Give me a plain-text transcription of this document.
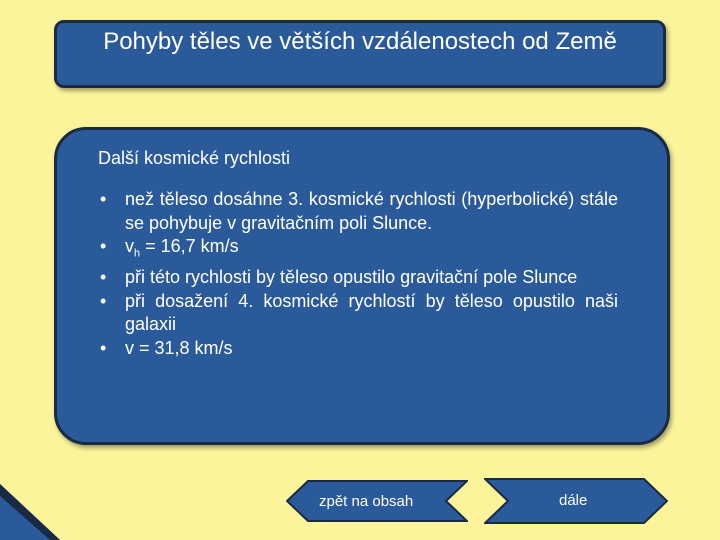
Pohyby těles ve větších vzdálenostech od Země
Další kosmické rychlosti
• než těleso dosáhne 3. kosmické rychlosti (hyperbolické) stále se pohybuje v gravitačním poli Slunce.
• $v_h = 16,7$ km/s
• při této rychlosti by těleso opustilo gravitační pole Slunce
• při dosažení 4. kosmické rychlostí by těleso opustilo naši galaxii
• v = 31,8 km/s
zpět na obsah	dále
